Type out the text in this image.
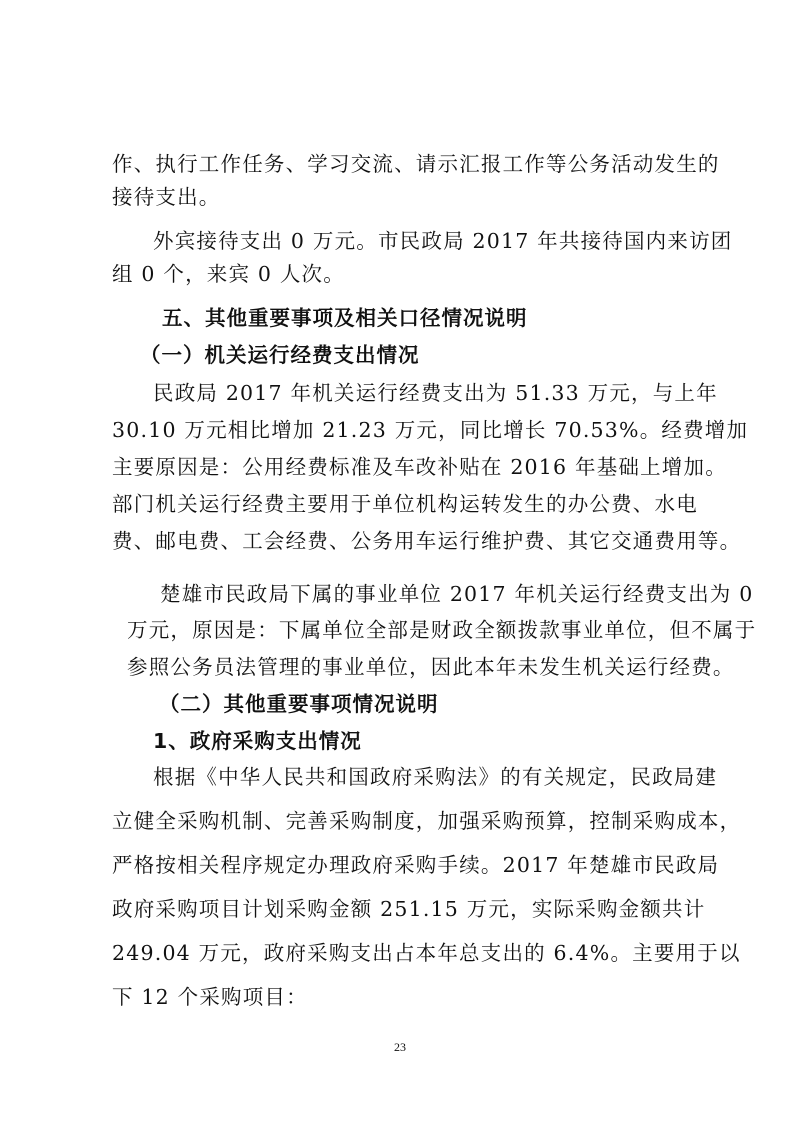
作、执行工作任务、学习交流、请示汇报工作等公务活动发生的
接待支出。
外宾接待支出 0 万元。市民政局 2017 年共接待国内来访团
组 0 个，来宾 0 人次。
五、其他重要事项及相关口径情况说明
（一）机关运行经费支出情况
民政局 2017 年机关运行经费支出为 51.33 万元，与上年
30.10 万元相比增加 21.23 万元，同比增长 70.53%。经费增加
主要原因是：公用经费标准及车改补贴在 2016 年基础上增加。
部门机关运行经费主要用于单位机构运转发生的办公费、水电
费、邮电费、工会经费、公务用车运行维护费、其它交通费用等。
楚雄市民政局下属的事业单位 2017 年机关运行经费支出为 0
万元，原因是：下属单位全部是财政全额拨款事业单位，但不属于
参照公务员法管理的事业单位，因此本年未发生机关运行经费。
（二）其他重要事项情况说明
1、政府采购支出情况
根据《中华人民共和国政府采购法》的有关规定，民政局建
立健全采购机制、完善采购制度，加强采购预算，控制采购成本，
严格按相关程序规定办理政府采购手续。2017 年楚雄市民政局
政府采购项目计划采购金额 251.15 万元，实际采购金额共计
249.04 万元，政府采购支出占本年总支出的 6.4%。主要用于以
下 12 个采购项目：
23
